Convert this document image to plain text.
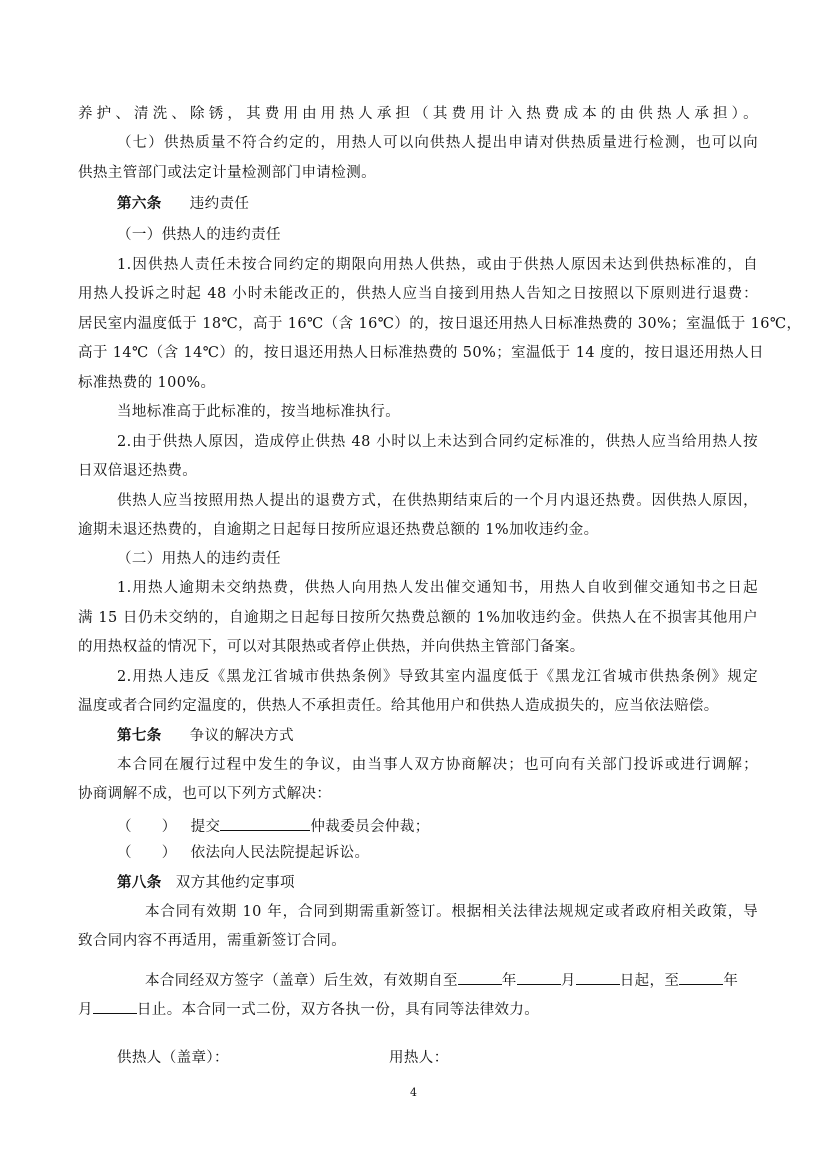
养护、清洗、除锈，其费用由用热人承担（其费用计入热费成本的由供热人承担）。
（七）供热质量不符合约定的，用热人可以向供热人提出申请对供热质量进行检测，也可以向
供热主管部门或法定计量检测部门申请检测。
第六条 违约责任
（一）供热人的违约责任
1.因供热人责任未按合同约定的期限向用热人供热，或由于供热人原因未达到供热标准的，自
用热人投诉之时起 48 小时未能改正的，供热人应当自接到用热人告知之日按照以下原则进行退费：
居民室内温度低于 18℃，高于 16℃（含 16℃）的，按日退还用热人日标准热费的 30%；室温低于 16℃，
高于 14℃（含 14℃）的，按日退还用热人日标准热费的 50%；室温低于 14 度的，按日退还用热人日
标准热费的 100%。
当地标准高于此标准的，按当地标准执行。
2.由于供热人原因，造成停止供热 48 小时以上未达到合同约定标准的，供热人应当给用热人按
日双倍退还热费。
供热人应当按照用热人提出的退费方式，在供热期结束后的一个月内退还热费。因供热人原因，
逾期未退还热费的，自逾期之日起每日按所应退还热费总额的 1%加收违约金。
（二）用热人的违约责任
1.用热人逾期未交纳热费，供热人向用热人发出催交通知书，用热人自收到催交通知书之日起
满 15 日仍未交纳的，自逾期之日起每日按所欠热费总额的 1%加收违约金。供热人在不损害其他用户
的用热权益的情况下，可以对其限热或者停止供热，并向供热主管部门备案。
2.用热人违反《黑龙江省城市供热条例》导致其室内温度低于《黑龙江省城市供热条例》规定
温度或者合同约定温度的，供热人不承担责任。给其他用户和供热人造成损失的，应当依法赔偿。
第七条 争议的解决方式
本合同在履行过程中发生的争议，由当事人双方协商解决；也可向有关部门投诉或进行调解；
协商调解不成，也可以下列方式解决：
（　　） 提交	仲裁委员会仲裁；
（　　） 依法向人民法院提起诉讼。
第八条 双方其他约定事项
本合同有效期 10 年，合同到期需重新签订。根据相关法律法规规定或者政府相关政策，导
致合同内容不再适用，需重新签订合同。
本合同经双方签字（盖章）后生效，有效期自至	年	月	日起，至	年
月	日止。本合同一式二份，双方各执一份，具有同等法律效力。
供热人（盖章）：	用热人：
4
